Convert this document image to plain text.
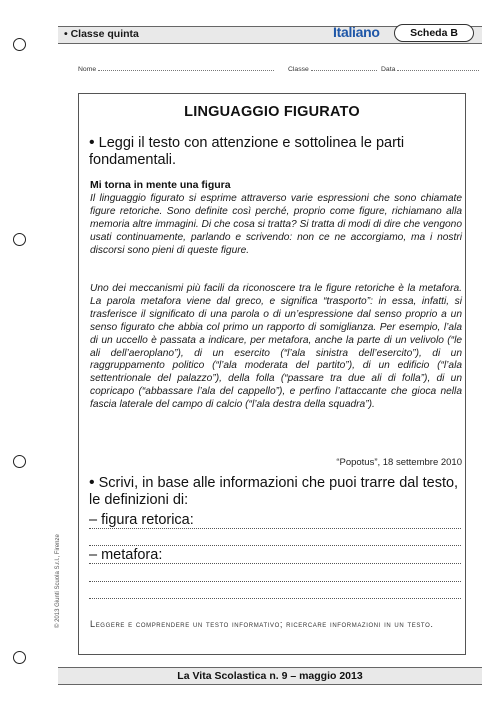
• Classe quinta	Italiano	Scheda B
Nome	Classe	Data
LINGUAGGIO FIGURATO
• Leggi il testo con attenzione e sottolinea le parti fondamentali.
Mi torna in mente una figura
Il linguaggio figurato si esprime attraverso varie espressioni che sono chiamate figure retoriche. Sono definite così perché, proprio come figure, richiamano alla memoria altre immagini. Di che cosa si tratta? Si tratta di modi di dire che vengono usati continuamente, parlando e scrivendo: non ce ne accorgiamo, ma i nostri discorsi sono pieni di queste figure.
Uno dei meccanismi più facili da riconoscere tra le figure retoriche è la metafora. La parola metafora viene dal greco, e significa “trasporto”: in essa, infatti, si trasferisce il significato di una parola o di un’espressione dal senso proprio a un senso figurato che abbia col primo un rapporto di somiglianza. Per esempio, l’ala di un uccello è passata a indicare, per metafora, anche la parte di un velivolo (“le ali dell’aeroplano”), di un esercito (“l’ala sinistra dell’esercito”), di un raggruppamento politico (“l’ala moderata del partito”), di un edificio (“l’ala settentrionale del palazzo”), della folla (“passare tra due ali di folla”), di un copricapo (“abbassare l’ala del cappello”), e perfino l’attaccante che gioca nella fascia laterale del campo di calcio (“l’ala destra della squadra”).
“Popotus”, 18 settembre 2010
• Scrivi, in base alle informazioni che puoi trarre dal testo, le definizioni di:
– figura retorica:
– metafora:
Leggere e comprendere un testo informativo; ricercare informazioni in un testo.
© 2013 Giunti Scuola S.r.l., Firenze
La Vita Scolastica n. 9 – maggio 2013
